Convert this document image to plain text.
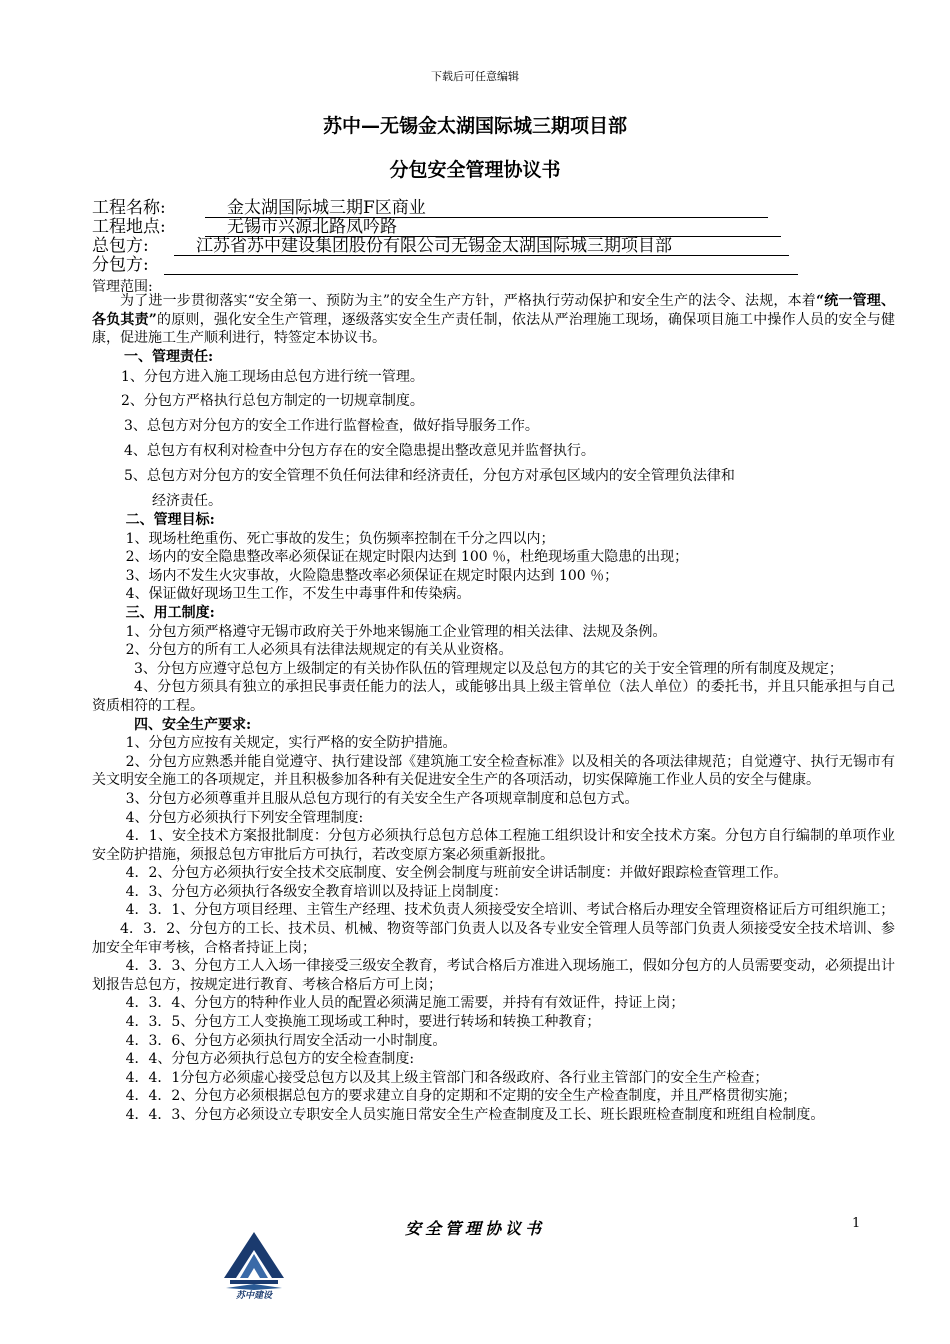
下载后可任意编辑
苏中—无锡金太湖国际城三期项目部
分包安全管理协议书
工程名称:	金太湖国际城三期F区商业
工程地点:	无锡市兴源北路凤吟路
总包方:	江苏省苏中建设集团股份有限公司无锡金太湖国际城三期项目部
分包方:
管理范围:

为了进一步贯彻落实“安全第一、预防为主”的安全生产方针，严格执行劳动保护和安全生产的法令、法规，本着“统一管理、各负其责”的原则，强化安全生产管理，逐级落实安全生产责任制，依法从严治理施工现场，确保项目施工中操作人员的安全与健康，促进施工生产顺利进行，特签定本协议书。

一、管理责任:
1、分包方进入施工现场由总包方进行统一管理。
2、分包方严格执行总包方制定的一切规章制度。
3、总包方对分包方的安全工作进行监督检查，做好指导服务工作。
4、总包方有权利对检查中分包方存在的安全隐患提出整改意见并监督执行。
5、总包方对分包方的安全管理不负任何法律和经济责任，分包方对承包区域内的安全管理负法律和
经济责任。

二、管理目标:

1、现场杜绝重伤、死亡事故的发生；负伤频率控制在千分之四以内；

2、场内的安全隐患整改率必须保证在规定时限内达到 100 ％，杜绝现场重大隐患的出现；

3、场内不发生火灾事故，火险隐患整改率必须保证在规定时限内达到 100 ％；

4、保证做好现场卫生工作，不发生中毒事件和传染病。

三、用工制度:

1、分包方须严格遵守无锡市政府关于外地来锡施工企业管理的相关法律、法规及条例。

2、分包方的所有工人必须具有法律法规规定的有关从业资格。

3、分包方应遵守总包方上级制定的有关协作队伍的管理规定以及总包方的其它的关于安全管理的所有制度及规定；

4、分包方须具有独立的承担民事责任能力的法人，或能够出具上级主管单位（法人单位）的委托书，并且只能承担与自己资质相符的工程。

四、安全生产要求:

1、分包方应按有关规定，实行严格的安全防护措施。

2、分包方应熟悉并能自觉遵守、执行建设部《建筑施工安全检查标准》以及相关的各项法律规范；自觉遵守、执行无锡市有关文明安全施工的各项规定，并且积极参加各种有关促进安全生产的各项活动，切实保障施工作业人员的安全与健康。

3、分包方必须尊重并且服从总包方现行的有关安全生产各项规章制度和总包方式。

4、分包方必须执行下列安全管理制度:

4．1、安全技术方案报批制度：分包方必须执行总包方总体工程施工组织设计和安全技术方案。分包方自行编制的单项作业安全防护措施，须报总包方审批后方可执行，若改变原方案必须重新报批。

4．2、分包方必须执行安全技术交底制度、安全例会制度与班前安全讲话制度：并做好跟踪检查管理工作。

4．3、分包方必须执行各级安全教育培训以及持证上岗制度：

4．3．1、分包方项目经理、主管生产经理、技术负责人须接受安全培训、考试合格后办理安全管理资格证后方可组织施工；

4．3．2、分包方的工长、技术员、机械、物资等部门负责人以及各专业安全管理人员等部门负责人须接受安全技术培训、参加安全年审考核，合格者持证上岗；

4．3．3、分包方工人入场一律接受三级安全教育，考试合格后方准进入现场施工，假如分包方的人员需要变动，必须提出计划报告总包方，按规定进行教育、考核合格后方可上岗；

4．3．4、分包方的特种作业人员的配置必须满足施工需要，并持有有效证件，持证上岗；

4．3．5、分包方工人变换施工现场或工种时，要进行转场和转换工种教育；

4．3．6、分包方必须执行周安全活动一小时制度。

4．4、分包方必须执行总包方的安全检查制度:

4．4．1分包方必须虚心接受总包方以及其上级主管部门和各级政府、各行业主管部门的安全生产检查；

4．4．2、分包方必须根据总包方的要求建立自身的定期和不定期的安全生产检查制度，并且严格贯彻实施；

4．4．3、分包方必须设立专职安全人员实施日常安全生产检查制度及工长、班长跟班检查制度和班组自检制度。

安全管理协议书	1
苏中建设
